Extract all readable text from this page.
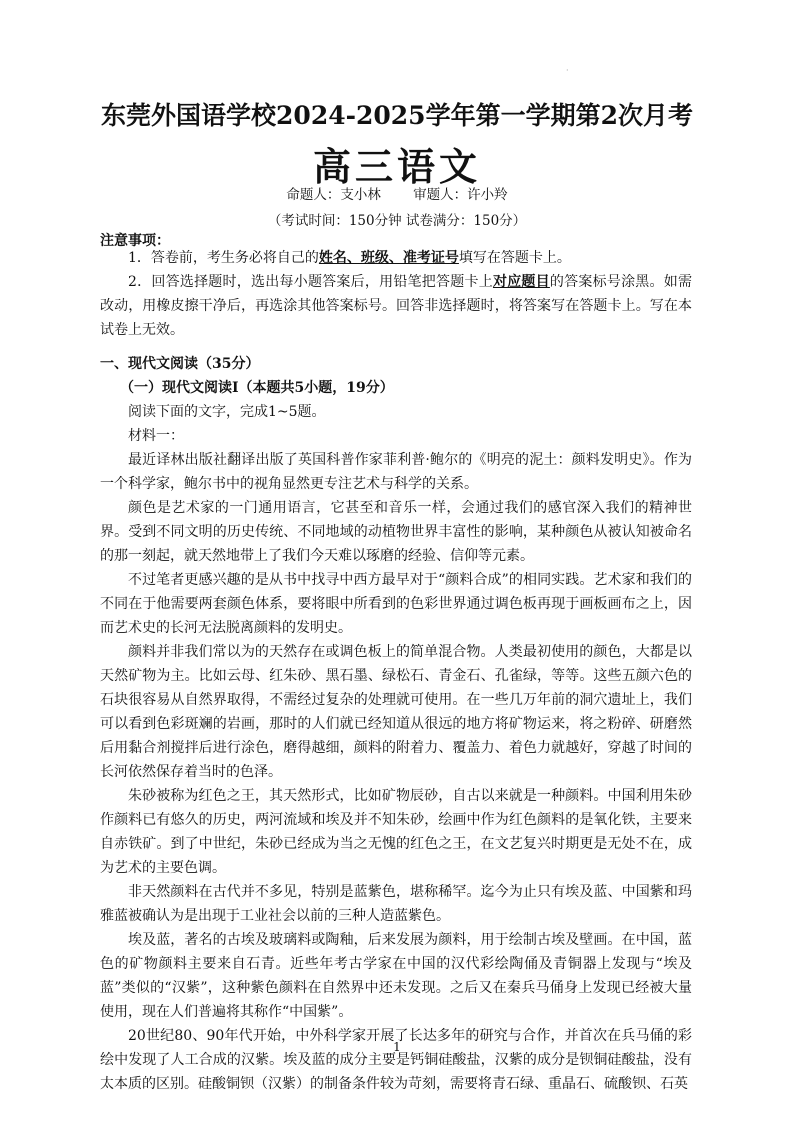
·
东莞外国语学校2024-2025学年第一学期第2次月考
高三语文
命题人：支小林 审题人：许小羚
（考试时间：150分钟 试卷满分：150分）
注意事项：

1．答卷前，考生务必将自己的姓名、班级、准考证号填写在答题卡上。

2．回答选择题时，选出每小题答案后，用铅笔把答题卡上对应题目的答案标号涂黑。如需改动，用橡皮擦干净后，再选涂其他答案标号。回答非选择题时，将答案写在答题卡上。写在本试卷上无效。

一、现代文阅读（35分）

（一）现代文阅读Ⅰ（本题共5小题，19分）

阅读下面的文字，完成1~5题。

材料一：

最近译林出版社翻译出版了英国科普作家菲利普·鲍尔的《明亮的泥土：颜料发明史》。作为一个科学家，鲍尔书中的视角显然更专注艺术与科学的关系。

颜色是艺术家的一门通用语言，它甚至和音乐一样，会通过我们的感官深入我们的精神世界。受到不同文明的历史传统、不同地域的动植物世界丰富性的影响，某种颜色从被认知被命名的那一刻起，就天然地带上了我们今天难以琢磨的经验、信仰等元素。

不过笔者更感兴趣的是从书中找寻中西方最早对于“颜料合成”的相同实践。艺术家和我们的不同在于他需要两套颜色体系，要将眼中所看到的色彩世界通过调色板再现于画板画布之上，因而艺术史的长河无法脱离颜料的发明史。

颜料并非我们常以为的天然存在或调色板上的简单混合物。人类最初使用的颜色，大都是以天然矿物为主。比如云母、红朱砂、黑石墨、绿松石、青金石、孔雀绿，等等。这些五颜六色的石块很容易从自然界取得，不需经过复杂的处理就可使用。在一些几万年前的洞穴遗址上，我们可以看到色彩斑斓的岩画，那时的人们就已经知道从很远的地方将矿物运来，将之粉碎、研磨然后用黏合剂搅拌后进行涂色，磨得越细，颜料的附着力、覆盖力、着色力就越好，穿越了时间的长河依然保存着当时的色泽。

朱砂被称为红色之王，其天然形式，比如矿物辰砂，自古以来就是一种颜料。中国利用朱砂作颜料已有悠久的历史，两河流域和埃及并不知朱砂，绘画中作为红色颜料的是氧化铁，主要来自赤铁矿。到了中世纪，朱砂已经成为当之无愧的红色之王，在文艺复兴时期更是无处不在，成为艺术的主要色调。

非天然颜料在古代并不多见，特别是蓝紫色，堪称稀罕。迄今为止只有埃及蓝、中国紫和玛雅蓝被确认为是出现于工业社会以前的三种人造蓝紫色。

埃及蓝，著名的古埃及玻璃料或陶釉，后来发展为颜料，用于绘制古埃及壁画。在中国，蓝色的矿物颜料主要来自石青。近些年考古学家在中国的汉代彩绘陶俑及青铜器上发现与“埃及蓝”类似的“汉紫”，这种紫色颜料在自然界中还未发现。之后又在秦兵马俑身上发现已经被大量使用，现在人们普遍将其称作“中国紫”。

20世纪80、90年代开始，中外科学家开展了长达多年的研究与合作，并首次在兵马俑的彩绘中发现了人工合成的汉紫。埃及蓝的成分主要是钙铜硅酸盐，汉紫的成分是钡铜硅酸盐，没有太本质的区别。硅酸铜钡（汉紫）的制备条件较为苛刻，需要将青石绿、重晶石、硫酸钡、石英

1
